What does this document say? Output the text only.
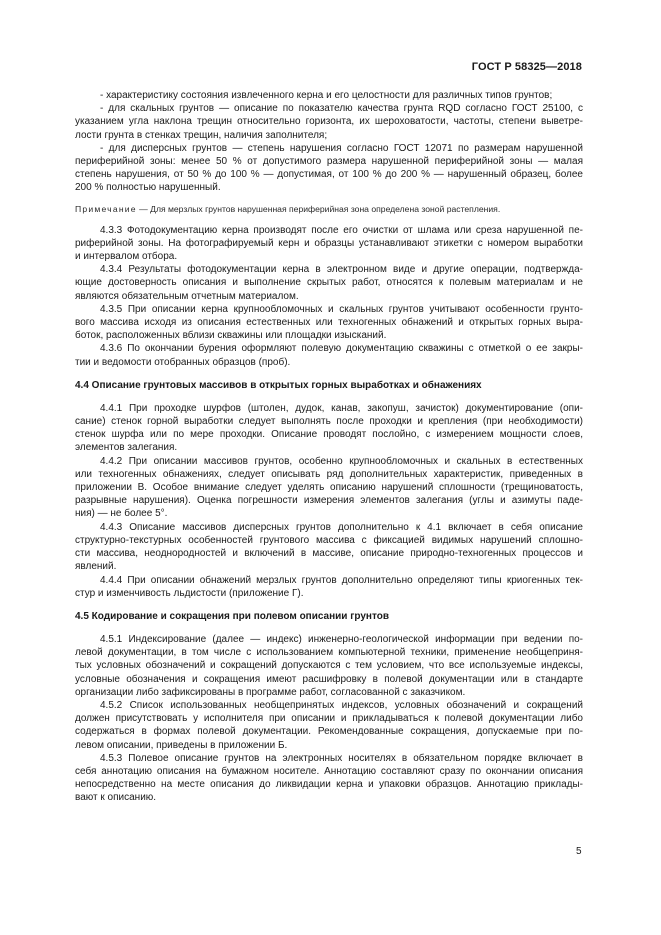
ГОСТ Р 58325—2018
- характеристику состояния извлеченного керна и его целостности для различных типов грунтов;
- для скальных грунтов — описание по показателю качества грунта RQD согласно ГОСТ 25100, с
указанием угла наклона трещин относительно горизонта, их шероховатости, частоты, степени выветре-
лости грунта в стенках трещин, наличия заполнителя;
- для дисперсных грунтов — степень нарушения согласно ГОСТ 12071 по размерам нарушенной
периферийной зоны: менее 50 % от допустимого размера нарушенной периферийной зоны — малая
степень нарушения, от 50 % до 100 % — допустимая, от 100 % до 200 % — нарушенный образец, более
200 % полностью нарушенный.
Примечание — Для мерзлых грунтов нарушенная периферийная зона определена зоной растепления.
4.3.3 Фотодокументацию керна производят после его очистки от шлама или среза нарушенной пе-
риферийной зоны. На фотографируемый керн и образцы устанавливают этикетки с номером выработки
и интервалом отбора.
4.3.4 Результаты фотодокументации керна в электронном виде и другие операции, подтвержда-
ющие достоверность описания и выполнение скрытых работ, относятся к полевым материалам и не
являются обязательным отчетным материалом.
4.3.5 При описании керна крупнообломочных и скальных грунтов учитывают особенности грунто-
вого массива исходя из описания естественных или техногенных обнажений и открытых горных выра-
боток, расположенных вблизи скважины или площадки изысканий.
4.3.6 По окончании бурения оформляют полевую документацию скважины с отметкой о ее закры-
тии и ведомости отобранных образцов (проб).
4.4 Описание грунтовых массивов в открытых горных выработках и обнажениях
4.4.1 При проходке шурфов (штолен, дудок, канав, закопуш, зачисток) документирование (опи-
сание) стенок горной выработки следует выполнять после проходки и крепления (при необходимости)
стенок шурфа или по мере проходки. Описание проводят послойно, с измерением мощности слоев,
элементов залегания.
4.4.2 При описании массивов грунтов, особенно крупнообломочных и скальных в естественных
или техногенных обнажениях, следует описывать ряд дополнительных характеристик, приведенных в
приложении В. Особое внимание следует уделять описанию нарушений сплошности (трещиноватость,
разрывные нарушения). Оценка погрешности измерения элементов залегания (углы и азимуты паде-
ния) — не более 5°.
4.4.3 Описание массивов дисперсных грунтов дополнительно к 4.1 включает в себя описание
структурно-текстурных особенностей грунтового массива с фиксацией видимых нарушений сплошно-
сти массива, неоднородностей и включений в массиве, описание природно-техногенных процессов и
явлений.
4.4.4 При описании обнажений мерзлых грунтов дополнительно определяют типы криогенных тек-
стур и изменчивость льдистости (приложение Г).
4.5 Кодирование и сокращения при полевом описании грунтов
4.5.1 Индексирование (далее — индекс) инженерно-геологической информации при ведении по-
левой документации, в том числе с использованием компьютерной техники, применение необщеприня-
тых условных обозначений и сокращений допускаются с тем условием, что все используемые индексы,
условные обозначения и сокращения имеют расшифровку в полевой документации или в стандарте
организации либо зафиксированы в программе работ, согласованной с заказчиком.
4.5.2 Список использованных необщепринятых индексов, условных обозначений и сокращений
должен присутствовать у исполнителя при описании и прикладываться к полевой документации либо
содержаться в формах полевой документации. Рекомендованные сокращения, допускаемые при по-
левом описании, приведены в приложении Б.
4.5.3 Полевое описание грунтов на электронных носителях в обязательном порядке включает в
себя аннотацию описания на бумажном носителе. Аннотацию составляют сразу по окончании описания
непосредственно на месте описания до ликвидации керна и упаковки образцов. Аннотацию приклады-
вают к описанию.
5
